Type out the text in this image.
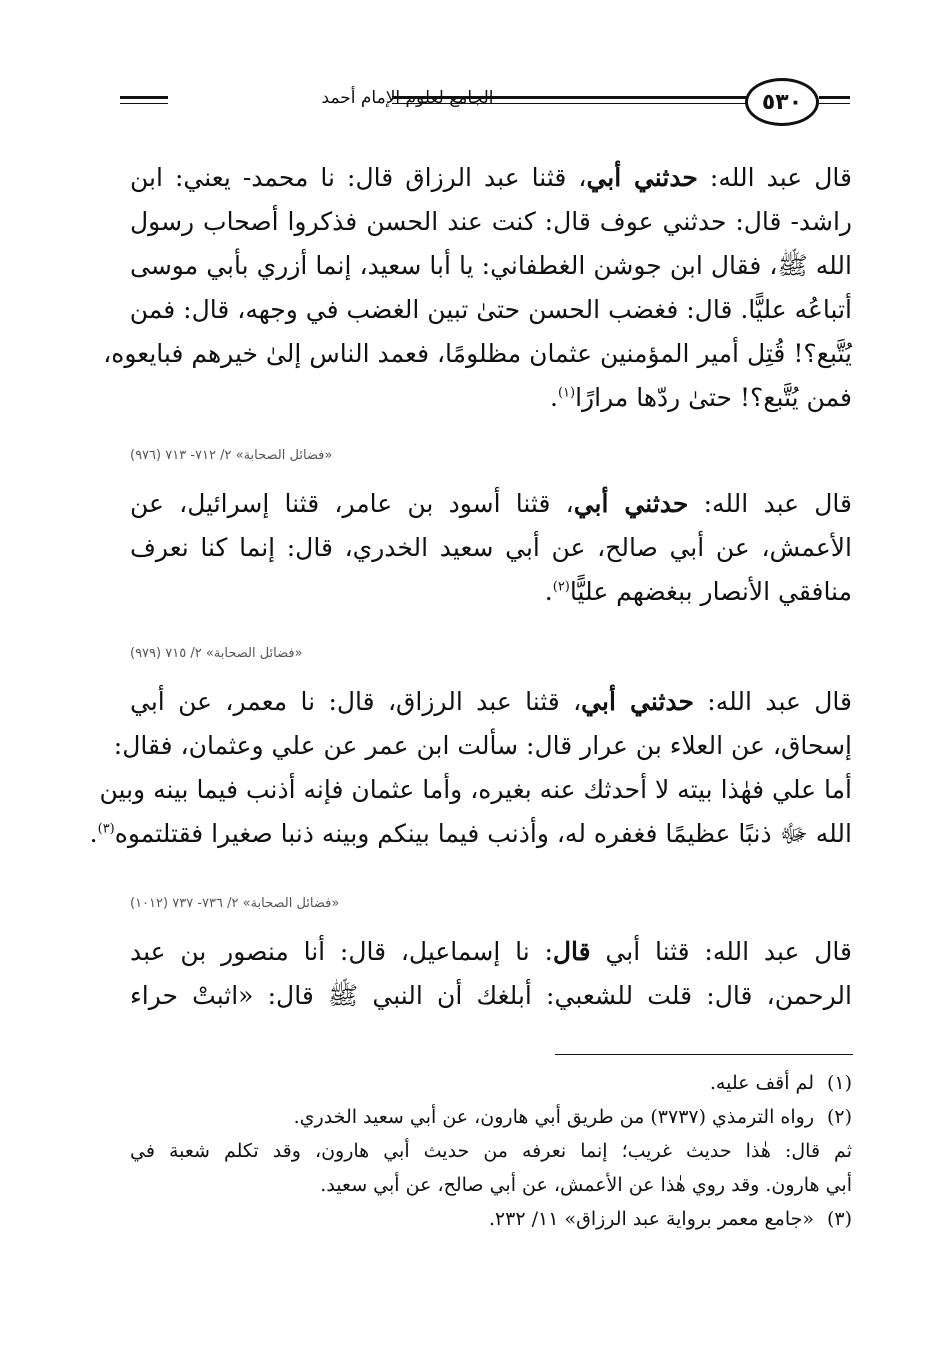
الجامع لعلوم الإمام أحمد	٥٣٠
قال عبد الله: حدثني أبي، قثنا عبد الرزاق قال: نا محمد- يعني: ابن
راشد- قال: حدثني عوف قال: كنت عند الحسن فذكروا أصحاب رسول
الله ﷺ، فقال ابن جوشن الغطفاني: يا أبا سعيد، إنما أزري بأبي موسى
أتباعُه عليًّا. قال: فغضب الحسن حتىٰ تبين الغضب في وجهه، قال: فمن
يُتَّبع؟! قُتِل أمير المؤمنين عثمان مظلومًا، فعمد الناس إلىٰ خيرهم فبايعوه،
فمن يُتَّبع؟! حتىٰ ردّها مرارًا$^{(١)}$.
«فضائل الصحابة» ٢/ ٧١٢- ٧١٣ (٩٧٦)
قال عبد الله: حدثني أبي، قثنا أسود بن عامر، قثنا إسرائيل، عن
الأعمش، عن أبي صالح، عن أبي سعيد الخدري، قال: إنما كنا نعرف
منافقي الأنصار ببغضهم عليًّا$^{(٢)}$.
«فضائل الصحابة» ٢/ ٧١٥ (٩٧٩)
قال عبد الله: حدثني أبي، قثنا عبد الرزاق، قال: نا معمر، عن أبي
إسحاق، عن العلاء بن عرار قال: سألت ابن عمر عن علي وعثمان، فقال:
أما علي فهٰذا بيته لا أحدثك عنه بغيره، وأما عثمان فإنه أذنب فيما بينه وبين
الله ﷻ ذنبًا عظيمًا فغفره له، وأذنب فيما بينكم وبينه ذنبا صغيرا فقتلتموه$^{(٣)}$.
«فضائل الصحابة» ٢/ ٧٣٦- ٧٣٧ (١٠١٢)
قال عبد الله: قثنا أبي قال: نا إسماعيل، قال: أنا منصور بن عبد
الرحمن، قال: قلت للشعبي: أبلغك أن النبي ﷺ قال: «اثبتْ حراء
(١)لم أقف عليه.
(٢)رواه الترمذي (٣٧٣٧) من طريق أبي هارون، عن أبي سعيد الخدري.
ثم قال: هٰذا حديث غريب؛ إنما نعرفه من حديث أبي هارون، وقد تكلم شعبة في
أبي هارون. وقد روي هٰذا عن الأعمش، عن أبي صالح، عن أبي سعيد.
(٣)«جامع معمر برواية عبد الرزاق» ١١/ ٢٣٢.
